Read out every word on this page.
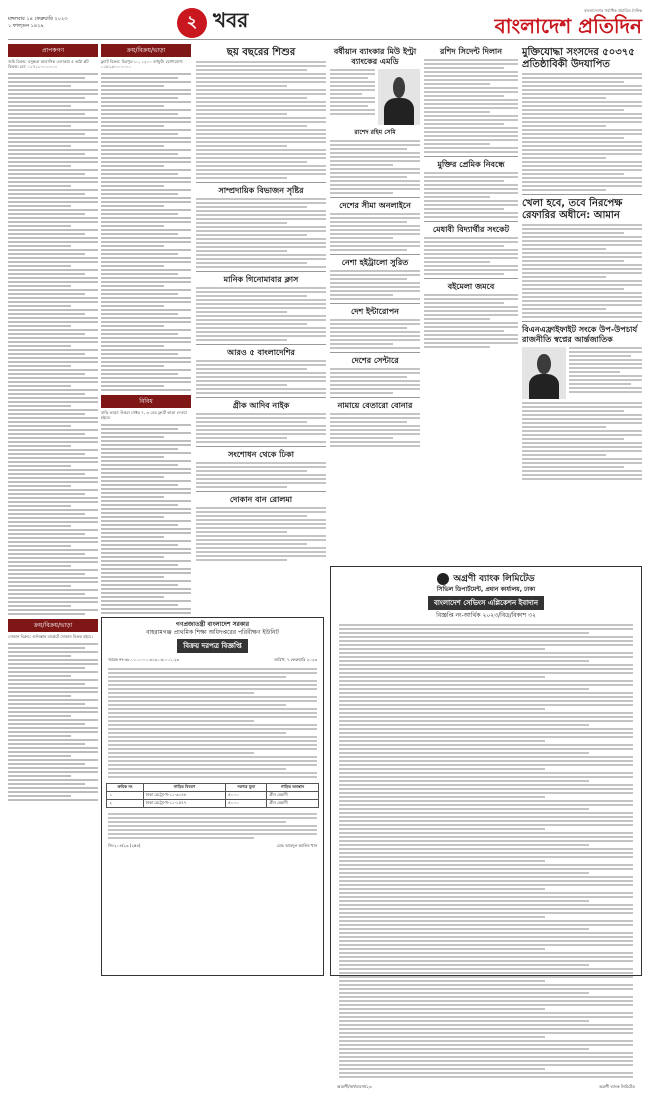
মঙ্গলবার ১৪ ফেব্রুয়ারি ২০২৩
১ ফাল্গুন ১৪২৯	২ খবর	বাংলাদেশের সর্বাধিক প্রচারিত দৈনিক
বাংলাদেশ প্রতিদিন
প্রাপকগণ
জমি বিক্রয়: বসুন্ধরা আবাসিক এলাকায় ৫ কাঠা প্লট বিক্রয়। মো: ০১৭১১-০০০০০০
ক্রয়/বিক্রয়/ভাড়া
দোকান বিক্রয়: গুলিস্তান মার্কেটে দোকান বিক্রয় হইবে।
ক্রয়/বিক্রয়/ভাড়া
ফ্ল্যাট বিক্রয়: মিরপুর-১০, ১২০০ বর্গফুট। যোগাযোগ: ০১৮১৯-০০০০০০
বিবিধ
বাড়ি ভাড়া: উত্তরা সেক্টর ৭, ৩ বেড ফ্ল্যাট ভাড়া দেওয়া হইবে।
ছয় বছরের শিশুর
সাম্প্রদায়িক বিভাজন সৃষ্টির
মানিক গিনোমাবার ক্লাস
আরও ৫ বাংলাদেশির
গ্রীক আদিব নাইক
সংশোধন থেকে ঢিকা
দোকান বান রোলমা
বর্ষীয়ান ব্যাংকার মিউ ইণ্ট্রা ব্যাংকের এমডি
রাশেদ রহিম সেমি
দেশের সীমা অনলাইনে
নেশা হইট্রালো সুরিত
দেশ ইন্টারোপন
দেশের সেন্টারে
নামায়ে বেতারো বোনার
রশিদ সিদেন্ট দিলান
মুক্তির প্রেমিক নিবন্ধে
মেধাবী বিদ্যার্থীর সংকেট
বইমেলা জমবে
মুক্তিযোদ্ধা সংসদের ৫০৩৭৫ প্রতিষ্ঠাবিকী উদযাপিত
খেলা হবে, তবে নিরপেক্ষ রেফারির অধীনে: আমান
বিএনএফ্রাইফাইট সংকে উপ-উপচার্য রাজনীতি স্বপ্নের আর্ন্তজাতিক
অগ্রণী ব্যাংক লিমিটেড
সিভিল ডিপার্টমেন্ট, প্রধান কার্যালয়, ঢাকা
বাংলাদেশ সেভিংস এপ্লিকেশন ইবাদান
বিজ্ঞপ্তি নং-আর্থিক ২০২৩/বিড/বিকাশ ৩২
আগ্রণী/অর্থব্যবসা/২৩	অগ্রণী ব্যাংক লিমিটেড
গণপ্রজাতন্ত্রী বাংলাদেশ সরকার
বাহরামগঞ্জ প্রাথমিক শিক্ষা অধিদপ্তরের পরিবীক্ষণ ইউনিট
বিক্রয় দরপত্র বিজ্ঞপ্তি
স্মারক নং-৩৮.০১.০০০০.৩১৩.০৬.০০১.২৩	তারিখ: ৭ ফেব্রুয়ারি ২০২৩
ক্রমিক নং	গাড়ির বিবরণ	দরপত্র মূল্য	গাড়ির অবস্থান
১	ঢাকা মেট্রো-খ-১১-৩১৪৪	৫০০০	গ্রীন মেয়াদী
২	ঢাকা মেট্রো-খ-১১-১৫৭৭	৫০০০	গ্রীন মেয়াদী
জি-২০৪/২৩ (২x৪)	মোঃ আবদুল আলিম খান
